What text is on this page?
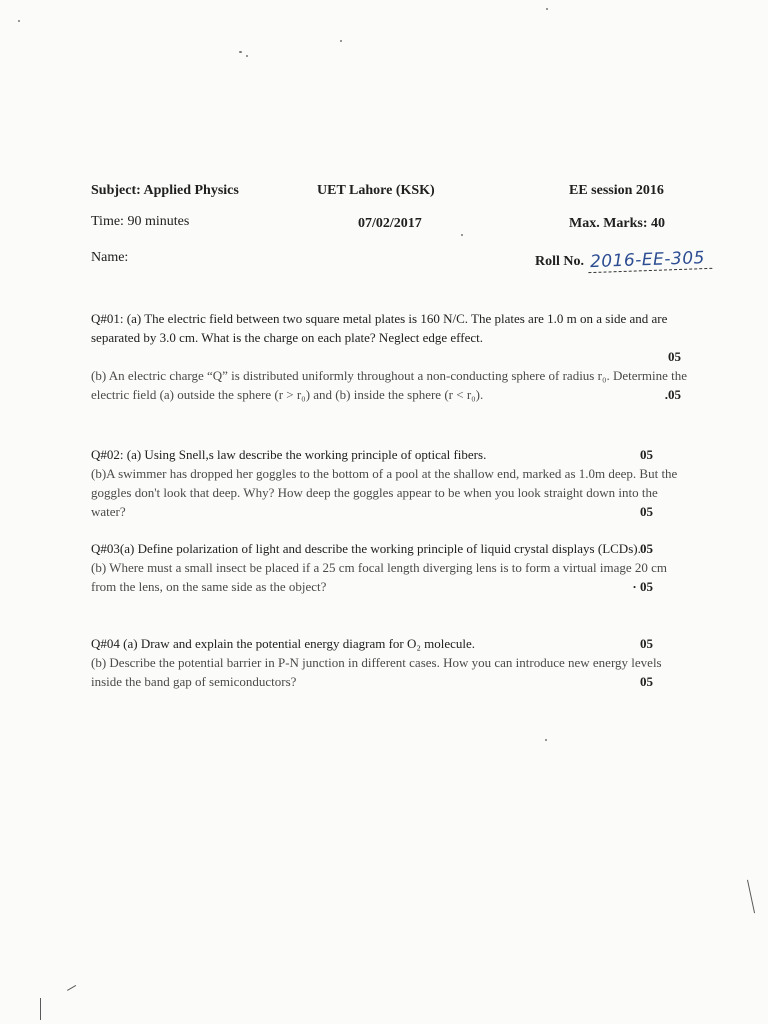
Subject: Applied Physics	UET Lahore (KSK)	EE session 2016
Time: 90 minutes	07/02/2017	Max. Marks: 40
Name:	Roll No. 2016-EE-305

Q#01: (a) The electric field between two square metal plates is 160 N/C. The plates are 1.0 m on a side and are separated by 3.0 cm. What is the charge on each plate? Neglect edge effect.

05

(b) An electric charge “Q” is distributed uniformly throughout a non-conducting sphere of radius r₀. Determine the electric field (a) outside the sphere (r > r₀) and (b) inside the sphere (r < r₀).	.05

Q#02: (a) Using Snell,s law describe the working principle of optical fibers.	05

(b)A swimmer has dropped her goggles to the bottom of a pool at the shallow end, marked as 1.0m deep. But the goggles don't look that deep. Why? How deep the goggles appear to be when you look straight down into the water?	05

Q#03(a) Define polarization of light and describe the working principle of liquid crystal displays (LCDs). 05

(b) Where must a small insect be placed if a 25 cm focal length diverging lens is to form a virtual image 20 cm from the lens, on the same side as the object?	· 05

Q#04 (a) Draw and explain the potential energy diagram for O₂ molecule.	05

(b) Describe the potential barrier in P-N junction in different cases. How you can introduce new energy levels inside the band gap of semiconductors?	05
